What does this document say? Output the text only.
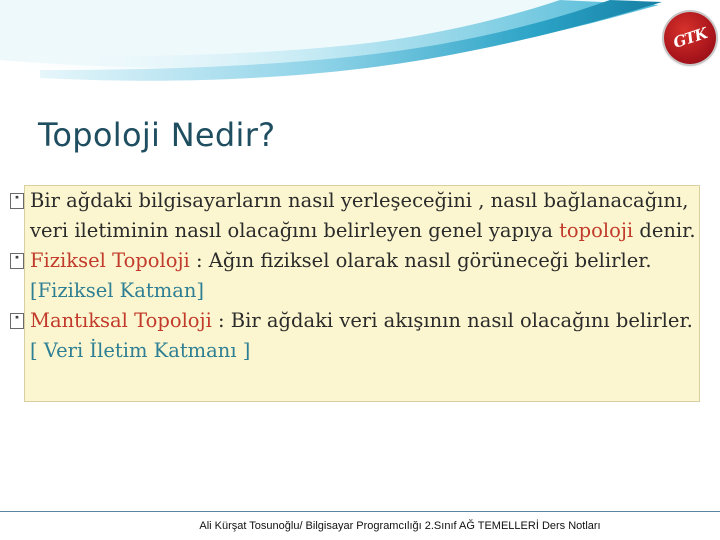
GTK
Topoloji Nedir?
▪ Bir ağdaki bilgisayarların nasıl yerleşeceğini , nasıl bağlanacağını, veri iletiminin nasıl olacağını belirleyen genel yapıya topoloji denir.
▪ Fiziksel Topoloji : Ağın fiziksel olarak nasıl görüneceği belirler. [Fiziksel Katman]
▪ Mantıksal Topoloji : Bir ağdaki veri akışının nasıl olacağını belirler. [ Veri İletim Katmanı ]
Ali Kürşat Tosunoğlu/ Bilgisayar Programcılığı 2.Sınıf AĞ TEMELLERİ Ders Notları
